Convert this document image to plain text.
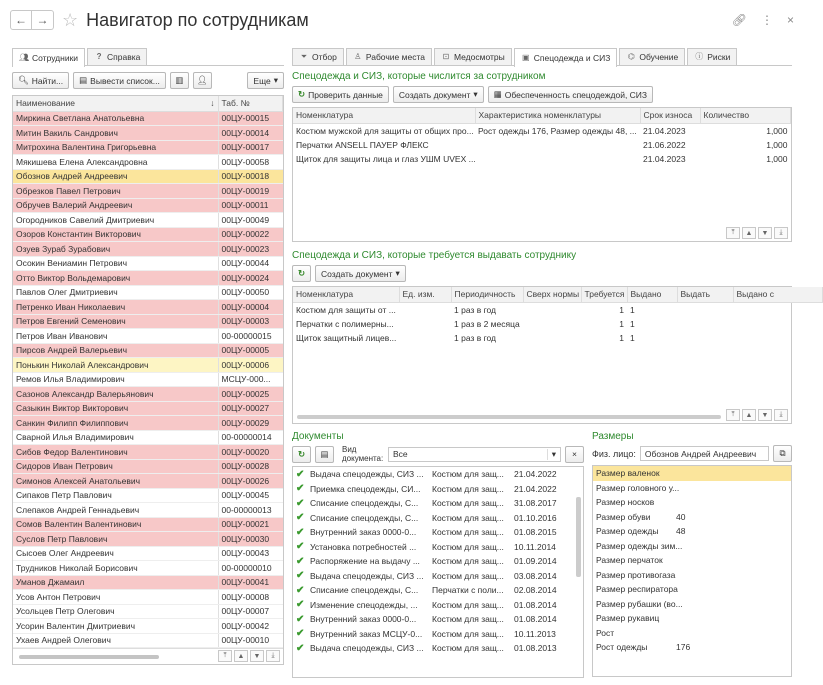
← → ☆ Навигатор по сотрудникам	🔗︎ ⋮ ×
👥︎ Сотрудники	? Справка
🔍︎ Найти... ▤ Вывести список... ▥ 👤︎	Еще ▾
Наименование ↓	Таб. №
Миркина Светлана Анатольевна	00ЦУ-00015
Митин Вакиль Сандрович	00ЦУ-00014
Митрохина Валентина Григорьевна	00ЦУ-00017
Мякишева Елена Александровна	00ЦУ-00058
Обознов Андрей Андреевич	00ЦУ-00018
Обрезков Павел Петрович	00ЦУ-00019
Обручев Валерий Андреевич	00ЦУ-00011
Огородников Савелий Дмитриевич	00ЦУ-00049
Озоров Константин Викторович	00ЦУ-00022
Озуев Зураб Зурабович	00ЦУ-00023
Осокин Вениамин Петрович	00ЦУ-00044
Отто Виктор Вольдемарович	00ЦУ-00024
Павлов Олег Дмитриевич	00ЦУ-00050
Петренко Иван Николаевич	00ЦУ-00004
Петров Евгений Семенович	00ЦУ-00003
Петров Иван Иванович	00-00000015
Пирсов Андрей Валерьевич	00ЦУ-00005
Понькин Николай Александрович	00ЦУ-00006
Ремов Илья Владимирович	МСЦУ-000...
Сазонов Александр Валерьянович	00ЦУ-00025
Сазыкин Виктор Викторович	00ЦУ-00027
Санкин Филипп Филиппович	00ЦУ-00029
Сварной Илья Владимирович	00-00000014
Сибов Федор Валентинович	00ЦУ-00020
Сидоров Иван Петрович	00ЦУ-00028
Симонов Алексей Анатольевич	00ЦУ-00026
Сипаков Петр Павлович	00ЦУ-00045
Слепаков Андрей Геннадьевич	00-00000013
Сомов Валентин Валентинович	00ЦУ-00021
Суслов Петр Павлович	00ЦУ-00030
Сысоев Олег Андреевич	00ЦУ-00043
Трудников Николай Борисович	00-00000010
Уманов Джамаил	00ЦУ-00041
Усов Антон Петрович	00ЦУ-00008
Усольцев Петр Олегович	00ЦУ-00007
Усорин Валентин Дмитриевич	00ЦУ-00042
Ухаев Андрей Олегович	00ЦУ-00010
⤒	▲	▼	⤓
⏷ Отбор ♙ Рабочие места ⊡ Медосмотры ▣ Спецодежда и СИЗ ⌬ Обучение ⓘ Риски
Спецодежда и СИЗ, которые числится за сотрудником
↻ Проверить данные Создать документ ▾ ▦ Обеспеченность спецодеждой, СИЗ
Номенклатура	Характеристика номенклатуры	Срок износа	Количество
Костюм мужской для защиты от общих про...	Рост одежды 176, Размер одежды 48, ...	21.04.2023	1,000
Перчатки ANSELL ПАУЕР ФЛЕКС		21.06.2022	1,000
Щиток для защиты лица и глаз УШМ UVEX ...		21.04.2023	1,000
⤒	▲	▼	⤓
Спецодежда и СИЗ, которые требуется выдавать сотруднику
↻ Создать документ ▾
Номенклатура	Ед. изм.	Периодичность	Сверх нормы	Требуется	Выдано	Выдать	Выдано с
Костюм для защиты от ...		1 раз в год		1	1		
Перчатки с полимерны...		1 раз в 2 месяца		1	1		
Щиток защитный лицев...		1 раз в год		1	1		
⤒	▲	▼	⤓
Документы
↻ ▤ Вид документа: Все	▾ ×
✔	Выдача спецодежды, СИЗ ...	Костюм для защ...	21.04.2022
✔	Приемка спецодежды, СИ...	Костюм для защ...	21.04.2022
✔	Списание спецодежды, С...	Костюм для защ...	31.08.2017
✔	Списание спецодежды, С...	Костюм для защ...	01.10.2016
✔	Внутренний заказ 0000-0...	Костюм для защ...	01.08.2015
✔	Установка потребностей ...	Костюм для защ...	10.11.2014
✔	Распоряжение на выдачу ...	Костюм для защ...	01.09.2014
✔	Выдача спецодежды, СИЗ ...	Костюм для защ...	03.08.2014
✔	Списание спецодежды, С...	Перчатки с поли...	02.08.2014
✔	Изменение спецодежды, ...	Костюм для защ...	01.08.2014
✔	Внутренний заказ 0000-0...	Костюм для защ...	01.08.2014
✔	Внутренний заказ МСЦУ-0...	Костюм для защ...	10.11.2013
✔	Выдача спецодежды, СИЗ ...	Костюм для защ...	01.08.2013
Размеры
Физ. лицо: Обознов Андрей Андреевич	⧉
Размер валенок	
Размер головного у...	
Размер носков	
Размер обуви	40
Размер одежды	48
Размер одежды зим...	
Размер перчаток	
Размер противогаза	
Размер респиратора	
Размер рубашки (во...	
Размер рукавиц	
Рост	
Рост одежды	176
